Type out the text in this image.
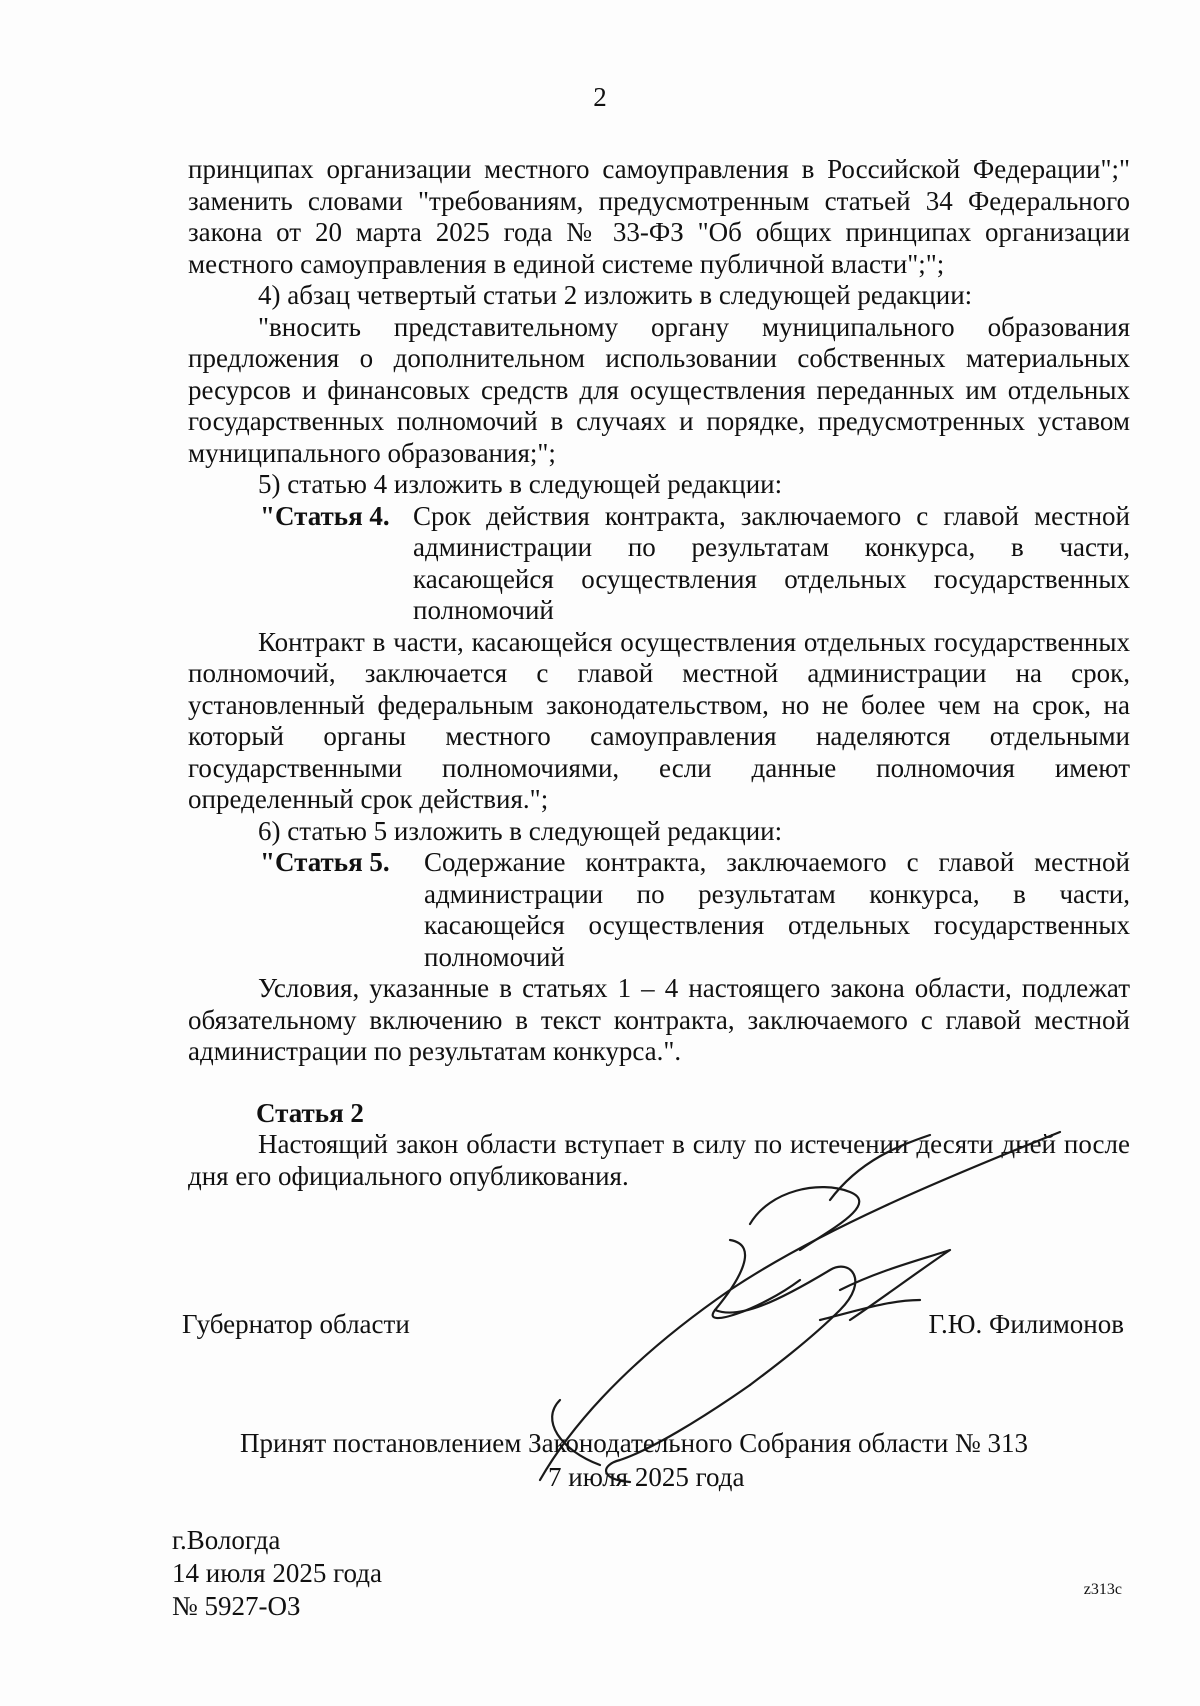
2

принципах организации местного самоуправления в Российской Федерации";" заменить словами "требованиям, предусмотренным статьей 34 Федерального закона от 20 марта 2025 года № 33-ФЗ "Об общих принципах организации местного самоуправления в единой системе публичной власти";";

4) абзац четвертый статьи 2 изложить в следующей редакции:

"вносить представительному органу муниципального образования предложения о дополнительном использовании собственных материальных ресурсов и финансовых средств для осуществления переданных им отдельных государственных полномочий в случаях и порядке, предусмотренных уставом муниципального образования;";

5) статью 4 изложить в следующей редакции:

"Статья 4. Срок действия контракта, заключаемого с главой местной администрации по результатам конкурса, в части, касающейся осуществления отдельных государственных полномочий

Контракт в части, касающейся осуществления отдельных государственных полномочий, заключается с главой местной администрации на срок, установленный федеральным законодательством, но не более чем на срок, на который органы местного самоуправления наделяются отдельными государственными полномочиями, если данные полномочия имеют определенный срок действия.";

6) статью 5 изложить в следующей редакции:

"Статья 5. Содержание контракта, заключаемого с главой местной администрации по результатам конкурса, в части, касающейся осуществления отдельных государственных полномочий

Условия, указанные в статьях 1 – 4 настоящего закона области, подлежат обязательному включению в текст контракта, заключаемого с главой местной администрации по результатам конкурса.".

Статья 2

Настоящий закон области вступает в силу по истечении десяти дней после дня его официального опубликования.

Губернатор области	Г.Ю. Филимонов
Принят постановлением Законодательного Собрания области № 313
7 июля 2025 года
г.Вологда
14 июля 2025 года
№ 5927-ОЗ
z313c
